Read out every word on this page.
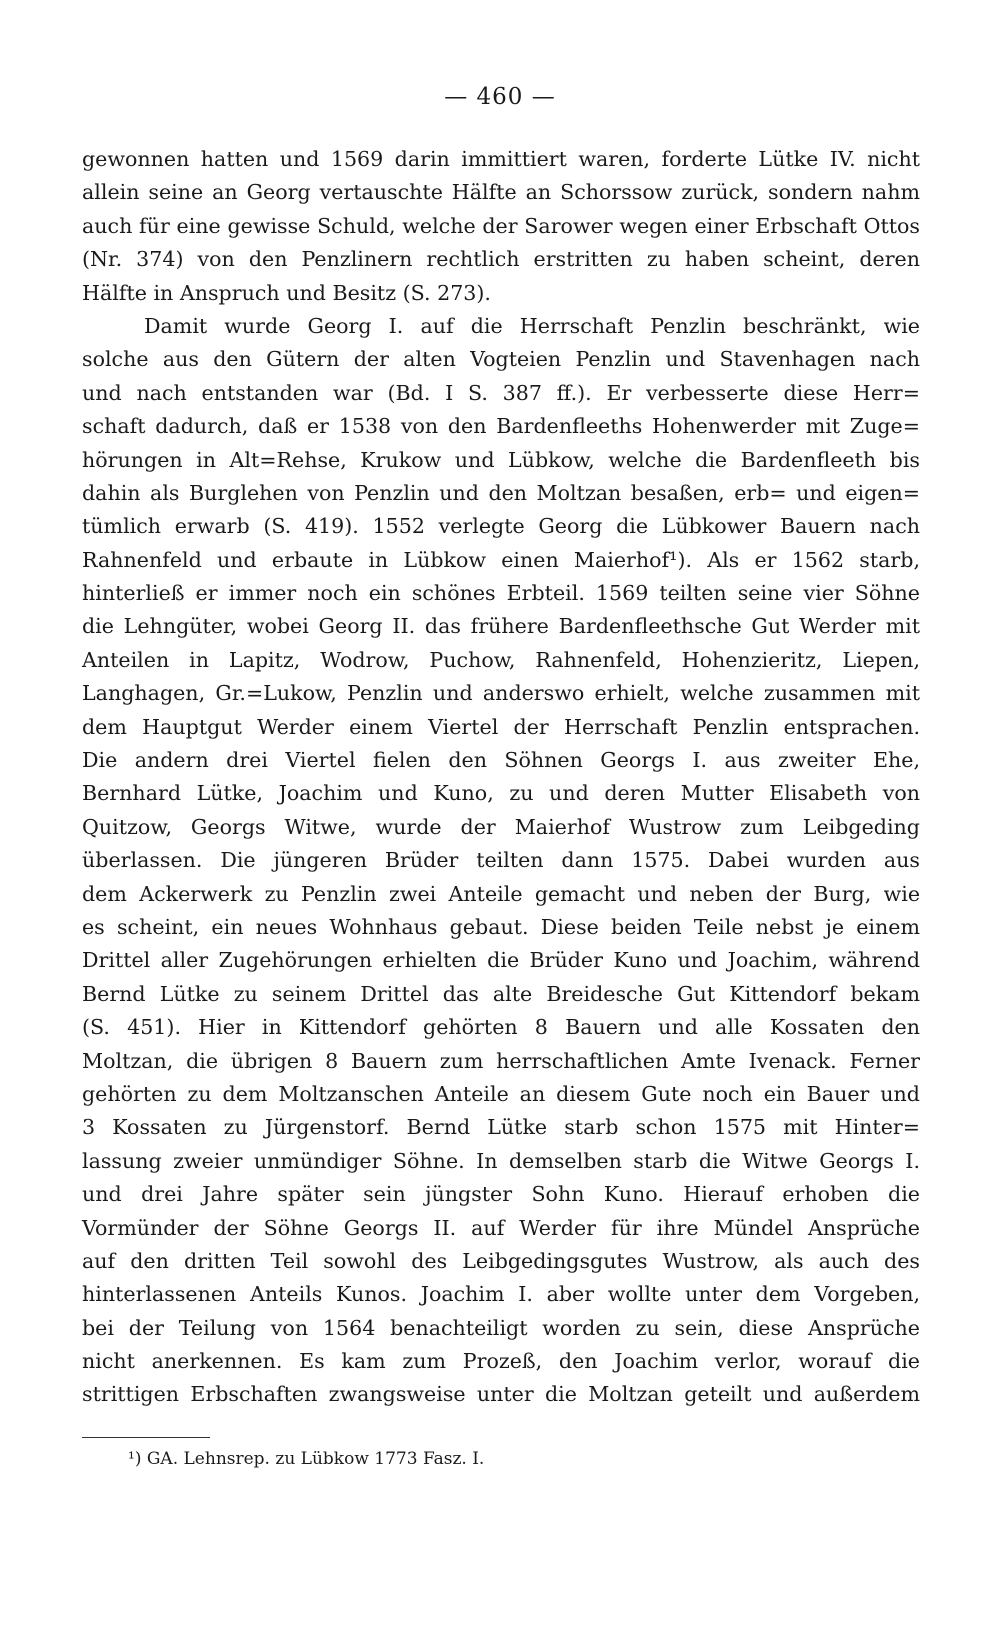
— 460 —
gewonnen hatten und 1569 darin immittiert waren, forderte Lütke IV. nicht
allein seine an Georg vertauschte Hälfte an Schorssow zurück, sondern nahm
auch für eine gewisse Schuld, welche der Sarower wegen einer Erbschaft Ottos
(Nr. 374) von den Penzlinern rechtlich erstritten zu haben scheint, deren
Hälfte in Anspruch und Besitz (S. 273).
Damit wurde Georg I. auf die Herrschaft Penzlin beschränkt, wie
solche aus den Gütern der alten Vogteien Penzlin und Stavenhagen nach
und nach entstanden war (Bd. I S. 387 ff.). Er verbesserte diese Herr=
schaft dadurch, daß er 1538 von den Bardenfleeths Hohenwerder mit Zuge=
hörungen in Alt=Rehse, Krukow und Lübkow, welche die Bardenfleeth bis
dahin als Burglehen von Penzlin und den Moltzan besaßen, erb= und eigen=
tümlich erwarb (S. 419). 1552 verlegte Georg die Lübkower Bauern nach
Rahnenfeld und erbaute in Lübkow einen Maierhof¹). Als er 1562 starb,
hinterließ er immer noch ein schönes Erbteil. 1569 teilten seine vier Söhne
die Lehngüter, wobei Georg II. das frühere Bardenfleethsche Gut Werder mit
Anteilen in Lapitz, Wodrow, Puchow, Rahnenfeld, Hohenzieritz, Liepen,
Langhagen, Gr.=Lukow, Penzlin und anderswo erhielt, welche zusammen mit
dem Hauptgut Werder einem Viertel der Herrschaft Penzlin entsprachen.
Die andern drei Viertel fielen den Söhnen Georgs I. aus zweiter Ehe,
Bernhard Lütke, Joachim und Kuno, zu und deren Mutter Elisabeth von
Quitzow, Georgs Witwe, wurde der Maierhof Wustrow zum Leibgeding
überlassen. Die jüngeren Brüder teilten dann 1575. Dabei wurden aus
dem Ackerwerk zu Penzlin zwei Anteile gemacht und neben der Burg, wie
es scheint, ein neues Wohnhaus gebaut. Diese beiden Teile nebst je einem
Drittel aller Zugehörungen erhielten die Brüder Kuno und Joachim, während
Bernd Lütke zu seinem Drittel das alte Breidesche Gut Kittendorf bekam
(S. 451). Hier in Kittendorf gehörten 8 Bauern und alle Kossaten den
Moltzan, die übrigen 8 Bauern zum herrschaftlichen Amte Ivenack. Ferner
gehörten zu dem Moltzanschen Anteile an diesem Gute noch ein Bauer und
3 Kossaten zu Jürgenstorf. Bernd Lütke starb schon 1575 mit Hinter=
lassung zweier unmündiger Söhne. In demselben starb die Witwe Georgs I.
und drei Jahre später sein jüngster Sohn Kuno. Hierauf erhoben die
Vormünder der Söhne Georgs II. auf Werder für ihre Mündel Ansprüche
auf den dritten Teil sowohl des Leibgedingsgutes Wustrow, als auch des
hinterlassenen Anteils Kunos. Joachim I. aber wollte unter dem Vorgeben,
bei der Teilung von 1564 benachteiligt worden zu sein, diese Ansprüche
nicht anerkennen. Es kam zum Prozeß, den Joachim verlor, worauf die
strittigen Erbschaften zwangsweise unter die Moltzan geteilt und außerdem
¹) GA. Lehnsrep. zu Lübkow 1773 Fasz. I.
